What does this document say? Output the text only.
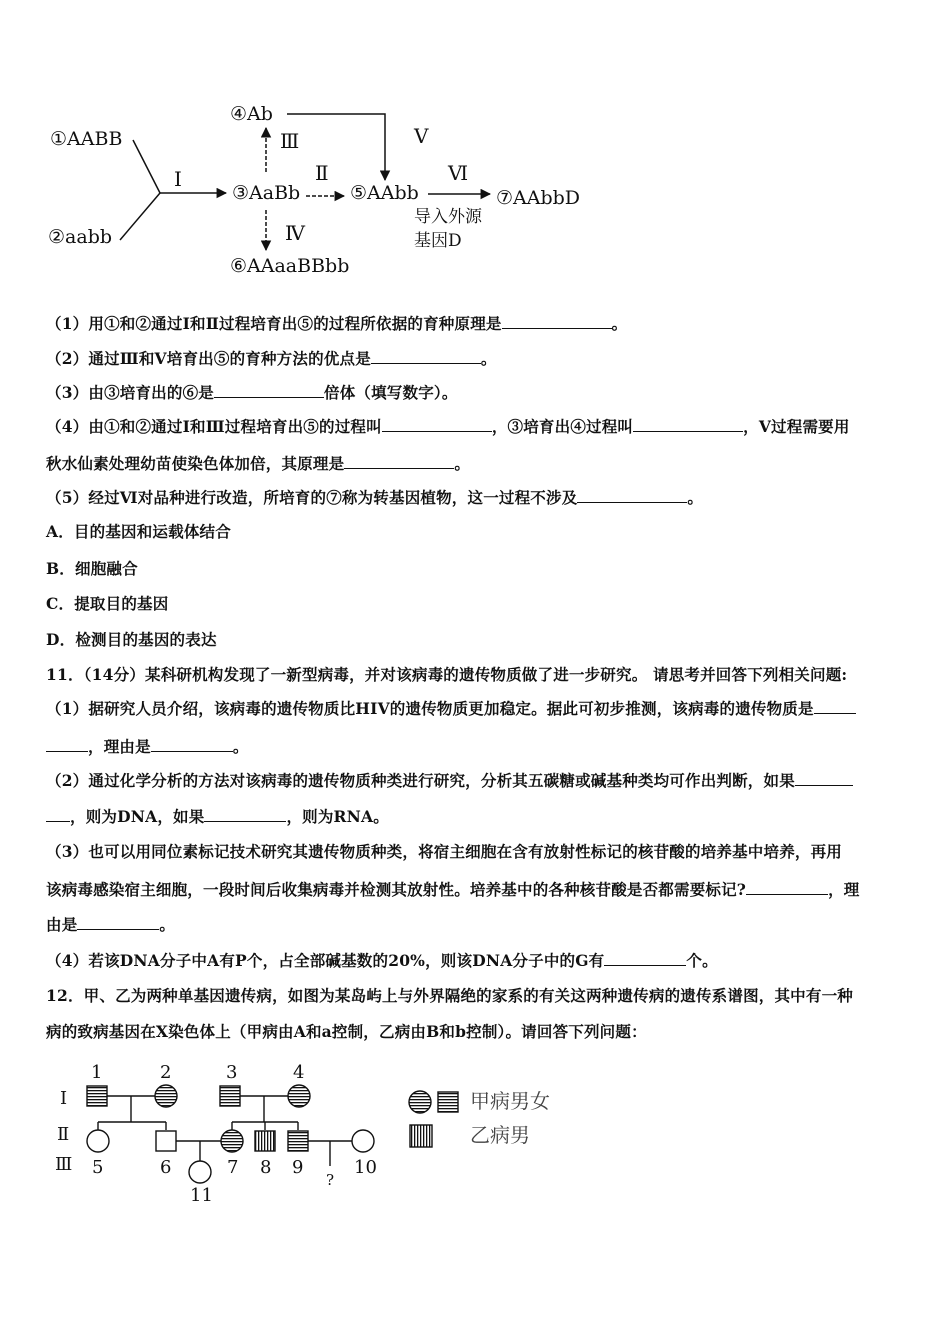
①AABB
②aabb
③AaBb
④Ab
⑤AAbb
⑥AAaaBBbb
⑦AAbbD
Ⅰ	Ⅱ
Ⅲ
Ⅳ
Ⅴ
Ⅵ
导入外源
基因D
（1）用①和②通过Ⅰ和Ⅱ过程培育出⑤的过程所依据的育种原理是	。
（2）通过Ⅲ和Ⅴ培育出⑤的育种方法的优点是	。
（3）由③培育出的⑥是	倍体（填写数字）。
（4）由①和②通过Ⅰ和Ⅲ过程培育出⑤的过程叫	，③培育出④过程叫	，Ⅴ过程需要用
秋水仙素处理幼苗使染色体加倍，其原理是	。
（5）经过Ⅵ对品种进行改造，所培育的⑦称为转基因植物，这一过程不涉及	。
A．目的基因和运载体结合
B．细胞融合
C．提取目的基因
D．检测目的基因的表达
11．（14分）某科研机构发现了一新型病毒，并对该病毒的遗传物质做了进一步研究。 请思考并回答下列相关问题:
（1）据研究人员介绍，该病毒的遗传物质比HIV的遗传物质更加稳定。据此可初步推测，该病毒的遗传物质是
，理由是	。
（2）通过化学分析的方法对该病毒的遗传物质种类进行研究，分析其五碳糖或碱基种类均可作出判断，如果
，则为DNA，如果	，则为RNA。
（3）也可以用同位素标记技术研究其遗传物质种类，将宿主细胞在含有放射性标记的核苷酸的培养基中培养，再用
该病毒感染宿主细胞，一段时间后收集病毒并检测其放射性。培养基中的各种核苷酸是否都需要标记?	，理
由是	。
（4）若该DNA分子中A有P个，占全部碱基数的20%，则该DNA分子中的G有	个。
12．甲、乙为两种单基因遗传病，如图为某岛屿上与外界隔绝的家系的有关这两种遗传病的遗传系谱图，其中有一种
病的致病基因在X染色体上（甲病由A和a控制，乙病由B和b控制）。请回答下列问题：
Ⅰ
Ⅱ
Ⅲ
1	2	3	4
5	6	7 8 9	10
11
?
甲病男女
乙病男
